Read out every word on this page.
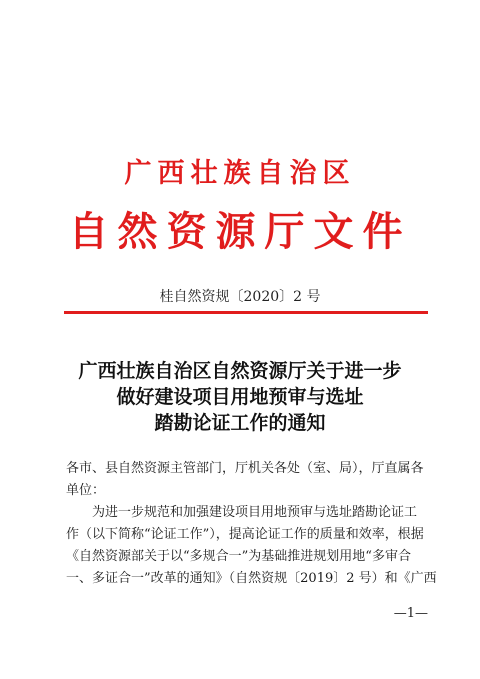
广西壮族自治区
自然资源厅文件
桂自然资规〔2020〕2 号
广西壮族自治区自然资源厅关于进一步
做好建设项目用地预审与选址
踏勘论证工作的通知
各市、县自然资源主管部门，厅机关各处（室、局），厅直属各
单位：
为进一步规范和加强建设项目用地预审与选址踏勘论证工
作（以下简称“论证工作”），提高论证工作的质量和效率，根据
《自然资源部关于以“多规合一”为基础推进规划用地“多审合
一、多证合一”改革的通知》（自然资规〔2019〕2 号）和《广西
—1—
